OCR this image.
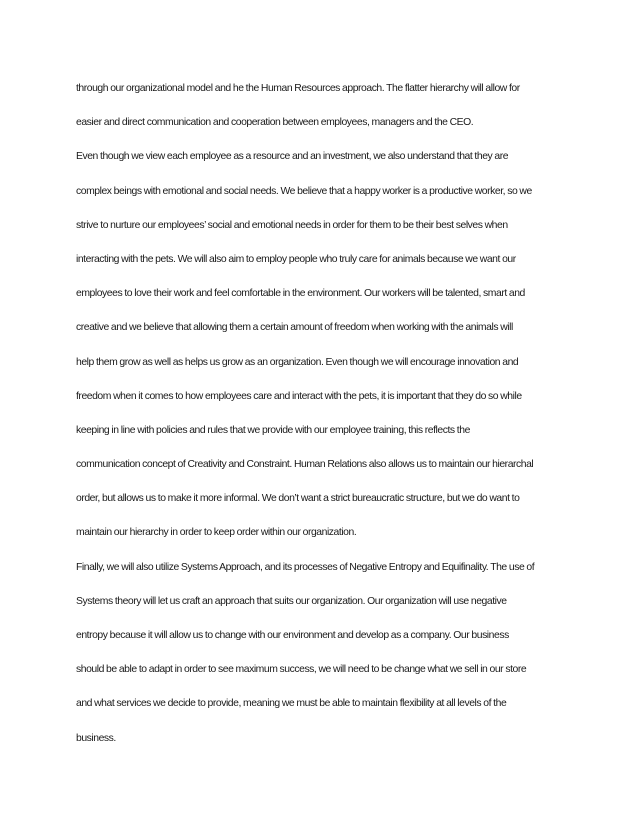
through our organizational model and he the Human Resources approach. The flatter hierarchy will allow for
easier and direct communication and cooperation between employees, managers and the CEO.
Even though we view each employee as a resource and an investment, we also understand that they are
complex beings with emotional and social needs. We believe that a happy worker is a productive worker, so we
strive to nurture our employees’ social and emotional needs in order for them to be their best selves when
interacting with the pets. We will also aim to employ people who truly care for animals because we want our
employees to love their work and feel comfortable in the environment. Our workers will be talented, smart and
creative and we believe that allowing them a certain amount of freedom when working with the animals will
help them grow as well as helps us grow as an organization. Even though we will encourage innovation and
freedom when it comes to how employees care and interact with the pets, it is important that they do so while
keeping in line with policies and rules that we provide with our employee training, this reflects the
communication concept of Creativity and Constraint. Human Relations also allows us to maintain our hierarchal
order, but allows us to make it more informal. We don’t want a strict bureaucratic structure, but we do want to
maintain our hierarchy in order to keep order within our organization.
Finally, we will also utilize Systems Approach, and its processes of Negative Entropy and Equifinality. The use of
Systems theory will let us craft an approach that suits our organization. Our organization will use negative
entropy because it will allow us to change with our environment and develop as a company. Our business
should be able to adapt in order to see maximum success, we will need to be change what we sell in our store
and what services we decide to provide, meaning we must be able to maintain flexibility at all levels of the
business.
